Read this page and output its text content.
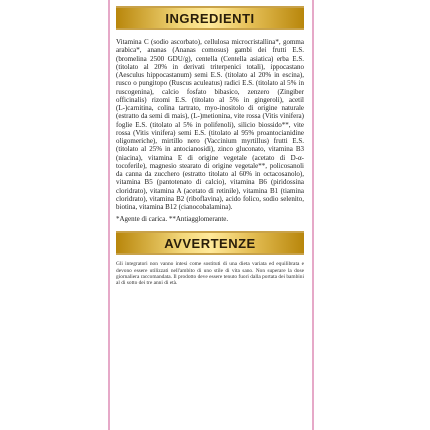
INGREDIENTI
Vitamina C (sodio ascorbato), cellulosa microcristallina*, gomma arabica*, ananas (Ananas comosus) gambi dei frutti E.S. (bromelina 2500 GDU/g), centella (Centella asiatica) erba E.S. (titolato al 20% in derivati triterpenici totali), ippocastano (Aesculus hippocastanum) semi E.S. (titolato al 20% in escina), rusco o pungitopo (Ruscus aculeatus) radici E.S. (titolato al 5% in ruscogenina), calcio fosfato bibasico, zenzero (Zingiber officinalis) rizomi E.S. (titolato al 5% in gingeroli), acetil (L-)carnitina, colina tartrato, myo-inositolo di origine naturale (estratto da semi di mais), (L-)metionina, vite rossa (Vitis vinifera) foglie E.S. (titolato al 5% in polifenoli), silicio biossido**, vite rossa (Vitis vinifera) semi E.S. (titolato al 95% proantocianidine oligomeriche), mirtillo nero (Vaccinium myrtillus) frutti E.S. (titolato al 25% in antocianosidi), zinco gluconato, vitamina B3 (niacina), vitamina E di origine vegetale (acetato di D-α-tocoferile), magnesio stearato di origine vegetale**, policosanoli da canna da zucchero (estratto titolato al 60% in octacosanolo), vitamina B5 (pantotenato di calcio), vitamina B6 (piridossina cloridrato), vitamina A (acetato di retinile), vitamina B1 (tiamina cloridrato), vitamina B2 (riboflavina), acido folico, sodio selenito, biotina, vitamina B12 (cianocobalamina).
*Agente di carica. **Antiagglomerante.
AVVERTENZE
Gli integratori non vanno intesi come sostituti di una dieta variata ed equilibrata e devono essere utilizzati nell'ambito di uno stile di vita sano. Non superare la dose giornaliera raccomandata. Il prodotto deve essere tenuto fuori dalla portata dei bambini al di sotto dei tre anni di età.
